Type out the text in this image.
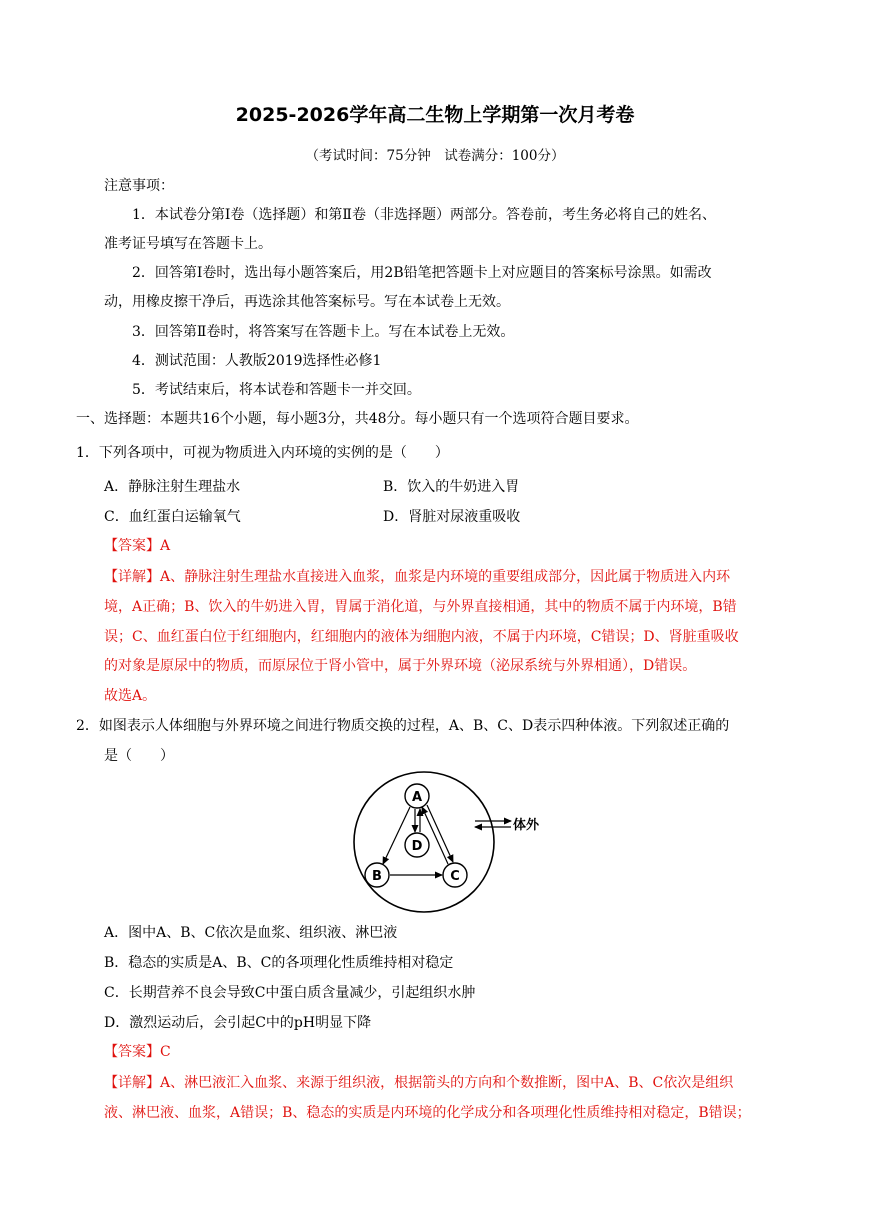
2025-2026学年高二生物上学期第一次月考卷
（考试时间：75分钟　试卷满分：100分）
注意事项：
1．本试卷分第Ⅰ卷（选择题）和第Ⅱ卷（非选择题）两部分。答卷前，考生务必将自己的姓名、
准考证号填写在答题卡上。
2．回答第Ⅰ卷时，选出每小题答案后，用2B铅笔把答题卡上对应题目的答案标号涂黑。如需改
动，用橡皮擦干净后，再选涂其他答案标号。写在本试卷上无效。
3．回答第Ⅱ卷时，将答案写在答题卡上。写在本试卷上无效。
4．测试范围：人教版2019选择性必修1
5．考试结束后，将本试卷和答题卡一并交回。
一、选择题：本题共16个小题，每小题3分，共48分。每小题只有一个选项符合题目要求。
1．下列各项中，可视为物质进入内环境的实例的是（　　）
A．静脉注射生理盐水	B．饮入的牛奶进入胃
C．血红蛋白运输氧气	D．肾脏对尿液重吸收
【答案】A
【详解】A、静脉注射生理盐水直接进入血浆，血浆是内环境的重要组成部分，因此属于物质进入内环
境，A正确；B、饮入的牛奶进入胃，胃属于消化道，与外界直接相通，其中的物质不属于内环境，B错
误；C、血红蛋白位于红细胞内，红细胞内的液体为细胞内液，不属于内环境，C错误；D、肾脏重吸收
的对象是原尿中的物质，而原尿位于肾小管中，属于外界环境（泌尿系统与外界相通），D错误。
故选A。
2．如图表示人体细胞与外界环境之间进行物质交换的过程，A、B、C、D表示四种体液。下列叙述正确的
是（　　）
A
D
B	C
体外
A．图中A、B、C依次是血浆、组织液、淋巴液
B．稳态的实质是A、B、C的各项理化性质维持相对稳定
C．长期营养不良会导致C中蛋白质含量减少，引起组织水肿
D．激烈运动后，会引起C中的pH明显下降
【答案】C
【详解】A、淋巴液汇入血浆、来源于组织液，根据箭头的方向和个数推断，图中A、B、C依次是组织
液、淋巴液、血浆，A错误；B、稳态的实质是内环境的化学成分和各项理化性质维持相对稳定，B错误；
